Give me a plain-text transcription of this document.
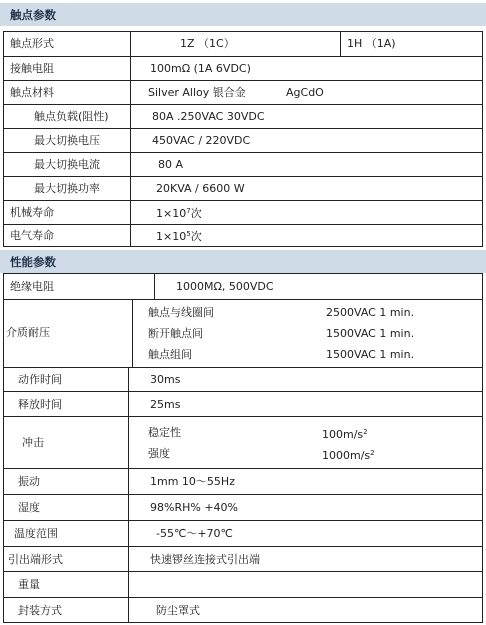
触点参数
触点形式	1Z （1C）	1H （1A)
接触电阻	100mΩ (1A 6VDC)
触点材料	Silver Alloy 银合金	AgCdO
触点负载(阻性)	80A .250VAC 30VDC
最大切换电压	450VAC / 220VDC
最大切换电流	80 A
最大切换功率	20KVA / 6600 W
机械寿命	$1\times 10^7$次
电气寿命	$1\times 10^5$次
性能参数
绝缘电阻	1000MΩ, 500VDC
介质耐压
触点与线圈间	2500VAC 1 min.
断开触点间	1500VAC 1 min.
触点组间	1500VAC 1 min.
动作时间	30ms
释放时间	25ms
冲击
稳定性	$100m/s^2$
强度	$1000m/s^2$
振动	1mm 10～55Hz
湿度	98%RH% +40%
温度范围	-55℃～+70℃
引出端形式	快速锣丝连接式引出端
重量
封装方式	防尘罩式
